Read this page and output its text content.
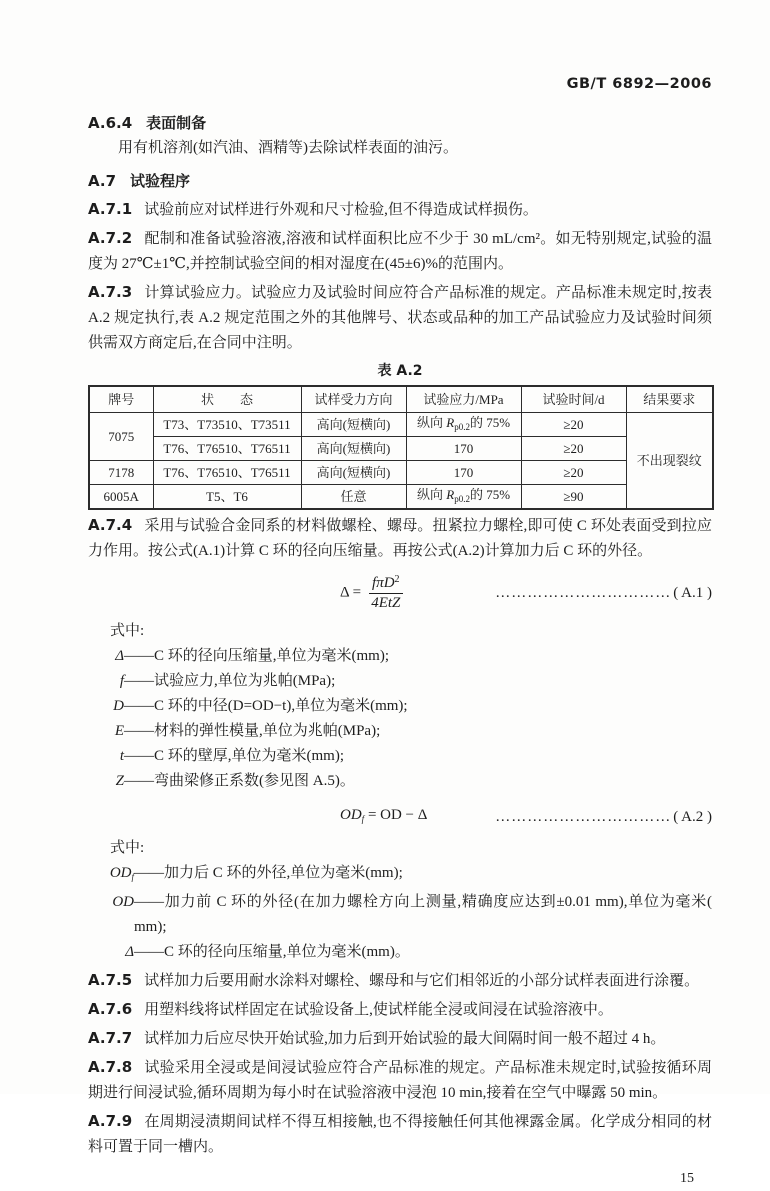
GB/T 6892—2006
A.6.4 表面制备

用有机溶剂(如汽油、酒精等)去除试样表面的油污。

A.7 试验程序

A.7.1 试验前应对试样进行外观和尺寸检验,但不得造成试样损伤。

A.7.2 配制和准备试验溶液,溶液和试样面积比应不少于 30 mL/cm²。如无特别规定,试验的温度为 27℃±1℃,并控制试验空间的相对湿度在(45±6)%的范围内。

A.7.3 计算试验应力。试验应力及试验时间应符合产品标准的规定。产品标准未规定时,按表 A.2 规定执行,表 A.2 规定范围之外的其他牌号、状态或品种的加工产品试验应力及试验时间须供需双方商定后,在合同中注明。

表 A.2
牌号	状　　态	试样受力方向	试验应力/MPa	试验时间/d	结果要求
7075	T73、T73510、T73511	高向(短横向)	纵向 $R_{p0.2}$的 75%	≥20	不出现裂纹
	T76、T76510、T76511	高向(短横向)	170	≥20	
7178	T76、T76510、T76511	高向(短横向)	170	≥20	
6005A	T5、T6	任意	纵向 $R_{p0.2}$的 75%	≥90	

A.7.4 采用与试验合金同系的材料做螺栓、螺母。扭紧拉力螺栓,即可使 C 环处表面受到拉应力作用。按公式(A.1)计算 C 环的径向压缩量。再按公式(A.2)计算加力后 C 环的外径。

$\Delta = \frac{f\pi D^2}{\text{4EtZ}}$	…………………………… ( A.1 )
式中:
Δ ——C 环的径向压缩量,单位为毫米(mm);
f ——试验应力,单位为兆帕(MPa);
D ——C 环的中径(D=OD−t),单位为毫米(mm);
E ——材料的弹性模量,单位为兆帕(MPa);
t ——C 环的壁厚,单位为毫米(mm);
Z ——弯曲梁修正系数(参见图 A.5)。
$OD_f$ = OD − Δ	…………………………… ( A.2 )
式中:
$OD_f$ ——加力后 C 环的外径,单位为毫米(mm);
OD ——加力前 C 环的外径(在加力螺栓方向上测量,精确度应达到±0.01 mm),单位为毫米( mm);
Δ ——C 环的径向压缩量,单位为毫米(mm)。

A.7.5 试样加力后要用耐水涂料对螺栓、螺母和与它们相邻近的小部分试样表面进行涂覆。

A.7.6 用塑料线将试样固定在试验设备上,使试样能全浸或间浸在试验溶液中。

A.7.7 试样加力后应尽快开始试验,加力后到开始试验的最大间隔时间一般不超过 4 h。

A.7.8 试验采用全浸或是间浸试验应符合产品标准的规定。产品标准未规定时,试验按循环周期进行间浸试验,循环周期为每小时在试验溶液中浸泡 10 min,接着在空气中曝露 50 min。

A.7.9 在周期浸渍期间试样不得互相接触,也不得接触任何其他裸露金属。化学成分相同的材料可置于同一槽内。

15
